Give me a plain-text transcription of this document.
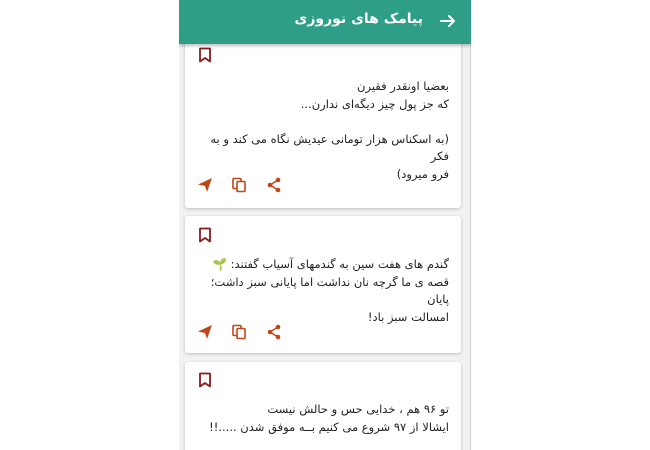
پیامک های نوروزی
بعضیا اونقدر فقیرن
که جز پول چیز دیگه‌ای ندارن...

(به اسکناس هزار تومانی عیدیش نگاه می کند و به فکر
فرو میرود)
گندم های هفت سین به گندمهای آسیاب گفتند: 🌱
قصه ی ما گرچه نان نداشت اما پایانی سبز داشت؛ پایان
امسالت سبز باد!
تو ۹۶ هم ، خدایی حس و حالش نیست
ایشالا از ۹۷ شروع می کنیم بــه موفق شدن .....!!
